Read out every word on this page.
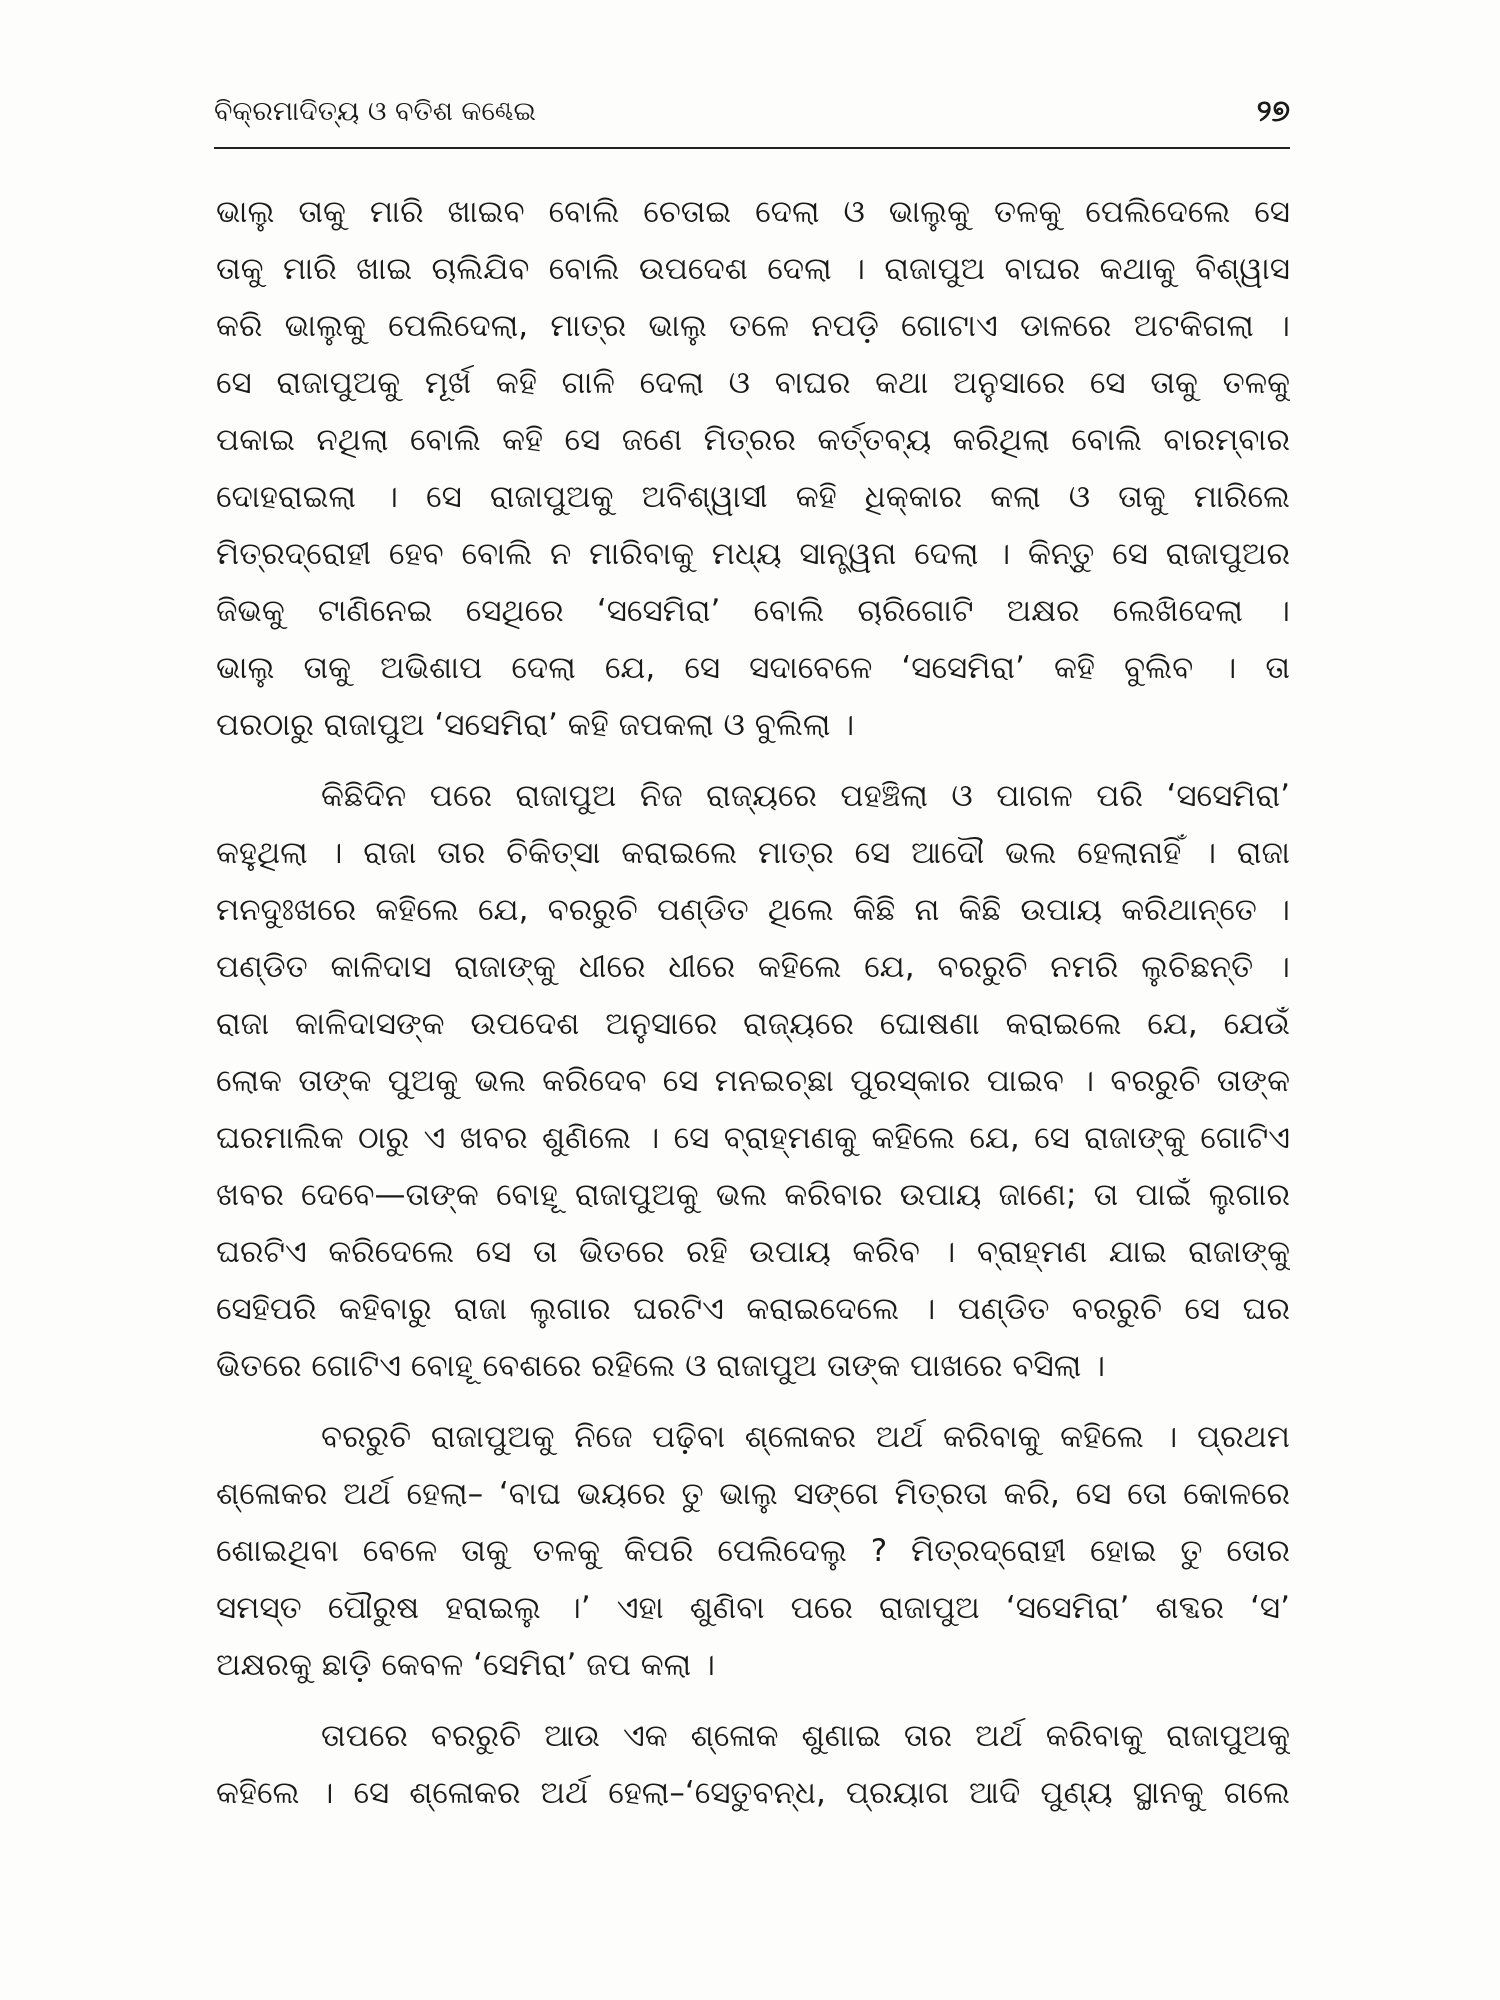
ବିକ୍ରମାଦିତ୍ୟ ଓ ବତିଶ କଣ୍ଢେଇ	୨୭
ଭାଲୁ ତାକୁ ମାରି ଖାଇବ ବୋଲି ଚେତାଇ ଦେଲା ଓ ଭାଲୁକୁ ତଳକୁ ପେଲିଦେଲେ ସେ
ତାକୁ ମାରି ଖାଇ ଚାଲିଯିବ ବୋଲି ଉପଦେଶ ଦେଲା । ରାଜାପୁଅ ବାଘର କଥାକୁ ବିଶ୍ୱାସ
କରି ଭାଲୁକୁ ପେଲିଦେଲା, ମାତ୍ର ଭାଲୁ ତଳେ ନପଡ଼ି ଗୋଟାଏ ଡାଳରେ ଅଟକିଗଲା ।
ସେ ରାଜାପୁଅକୁ ମୂର୍ଖ କହି ଗାଳି ଦେଲା ଓ ବାଘର କଥା ଅନୁସାରେ ସେ ତାକୁ ତଳକୁ
ପକାଇ ନଥିଲା ବୋଲି କହି ସେ ଜଣେ ମିତ୍ରର କର୍ତ୍ତବ୍ୟ କରିଥିଲା ବୋଲି ବାରମ୍ବାର
ଦୋହରାଇଲା । ସେ ରାଜାପୁଅକୁ ଅବିଶ୍ୱାସୀ କହି ଧିକ୍କାର କଲା ଓ ତାକୁ ମାରିଲେ
ମିତ୍ରଦ୍ରୋହୀ ହେବ ବୋଲି ନ ମାରିବାକୁ ମଧ୍ୟ ସାନ୍ତ୍ୱନା ଦେଲା । କିନ୍ତୁ ସେ ରାଜାପୁଅର
ଜିଭକୁ ଟାଣିନେଇ ସେଥିରେ ‘ସସେମିରା’ ବୋଲି ଚାରିଗୋଟି ଅକ୍ଷର ଲେଖିଦେଲା ।
ଭାଲୁ ତାକୁ ଅଭିଶାପ ଦେଲା ଯେ, ସେ ସଦାବେଳେ ‘ସସେମିରା’ କହି ବୁଲିବ । ତା
ପରଠାରୁ ରାଜାପୁଅ ‘ସସେମିରା’ କହି ଜପକଲା ଓ ବୁଲିଲା ।
କିଛିଦିନ ପରେ ରାଜାପୁଅ ନିଜ ରାଜ୍ୟରେ ପହଞ୍ଚିଲା ଓ ପାଗଳ ପରି ‘ସସେମିରା’
କହୁଥିଲା । ରାଜା ତାର ଚିକିତ୍ସା କରାଇଲେ ମାତ୍ର ସେ ଆଦୌ ଭଲ ହେଲାନାହିଁ । ରାଜା
ମନଦୁଃଖରେ କହିଲେ ଯେ, ବରରୁଚି ପଣ୍ଡିତ ଥିଲେ କିଛି ନା କିଛି ଉପାୟ କରିଥାନ୍ତେ ।
ପଣ୍ଡିତ କାଳିଦାସ ରାଜାଙ୍କୁ ଧୀରେ ଧୀରେ କହିଲେ ଯେ, ବରରୁଚି ନମରି ଲୁଚିଛନ୍ତି ।
ରାଜା କାଳିଦାସଙ୍କ ଉପଦେଶ ଅନୁସାରେ ରାଜ୍ୟରେ ଘୋଷଣା କରାଇଲେ ଯେ, ଯେଉଁ
ଲୋକ ତାଙ୍କ ପୁଅକୁ ଭଲ କରିଦେବ ସେ ମନଇଚ୍ଛା ପୁରସ୍କାର ପାଇବ । ବରରୁଚି ତାଙ୍କ
ଘରମାଲିକ ଠାରୁ ଏ ଖବର ଶୁଣିଲେ । ସେ ବ୍ରାହ୍ମଣକୁ କହିଲେ ଯେ, ସେ ରାଜାଙ୍କୁ ଗୋଟିଏ
ଖବର ଦେବେ—ତାଙ୍କ ବୋହୂ ରାଜାପୁଅକୁ ଭଲ କରିବାର ଉପାୟ ଜାଣେ; ତା ପାଇଁ ଲୁଗାର
ଘରଟିଏ କରିଦେଲେ ସେ ତା ଭିତରେ ରହି ଉପାୟ କରିବ । ବ୍ରାହ୍ମଣ ଯାଇ ରାଜାଙ୍କୁ
ସେହିପରି କହିବାରୁ ରାଜା ଲୁଗାର ଘରଟିଏ କରାଇଦେଲେ । ପଣ୍ଡିତ ବରରୁଚି ସେ ଘର
ଭିତରେ ଗୋଟିଏ ବୋହୂ ବେଶରେ ରହିଲେ ଓ ରାଜାପୁଅ ତାଙ୍କ ପାଖରେ ବସିଲା ।
ବରରୁଚି ରାଜାପୁଅକୁ ନିଜେ ପଢ଼ିବା ଶ୍ଳୋକର ଅର୍ଥ କରିବାକୁ କହିଲେ । ପ୍ରଥମ
ଶ୍ଳୋକର ଅର୍ଥ ହେଲା– ‘ବାଘ ଭୟରେ ତୁ ଭାଲୁ ସଙ୍ଗେ ମିତ୍ରତା କରି, ସେ ତୋ କୋଳରେ
ଶୋଇଥିବା ବେଳେ ତାକୁ ତଳକୁ କିପରି ପେଲିଦେଲୁ ? ମିତ୍ରଦ୍ରୋହୀ ହୋଇ ତୁ ତୋର
ସମସ୍ତ ପୌରୁଷ ହରାଇଲୁ ।’ ଏହା ଶୁଣିବା ପରେ ରାଜାପୁଅ ‘ସସେମିରା’ ଶବ୍ଦର ‘ସ’
ଅକ୍ଷରକୁ ଛାଡ଼ି କେବଳ ‘ସେମିରା’ ଜପ କଲା ।
ତାପରେ ବରରୁଚି ଆଉ ଏକ ଶ୍ଳୋକ ଶୁଣାଇ ତାର ଅର୍ଥ କରିବାକୁ ରାଜାପୁଅକୁ
କହିଲେ । ସେ ଶ୍ଳୋକର ଅର୍ଥ ହେଲା–‘ସେତୁବନ୍ଧ, ପ୍ରୟାଗ ଆଦି ପୁଣ୍ୟ ସ୍ଥାନକୁ ଗଲେ
